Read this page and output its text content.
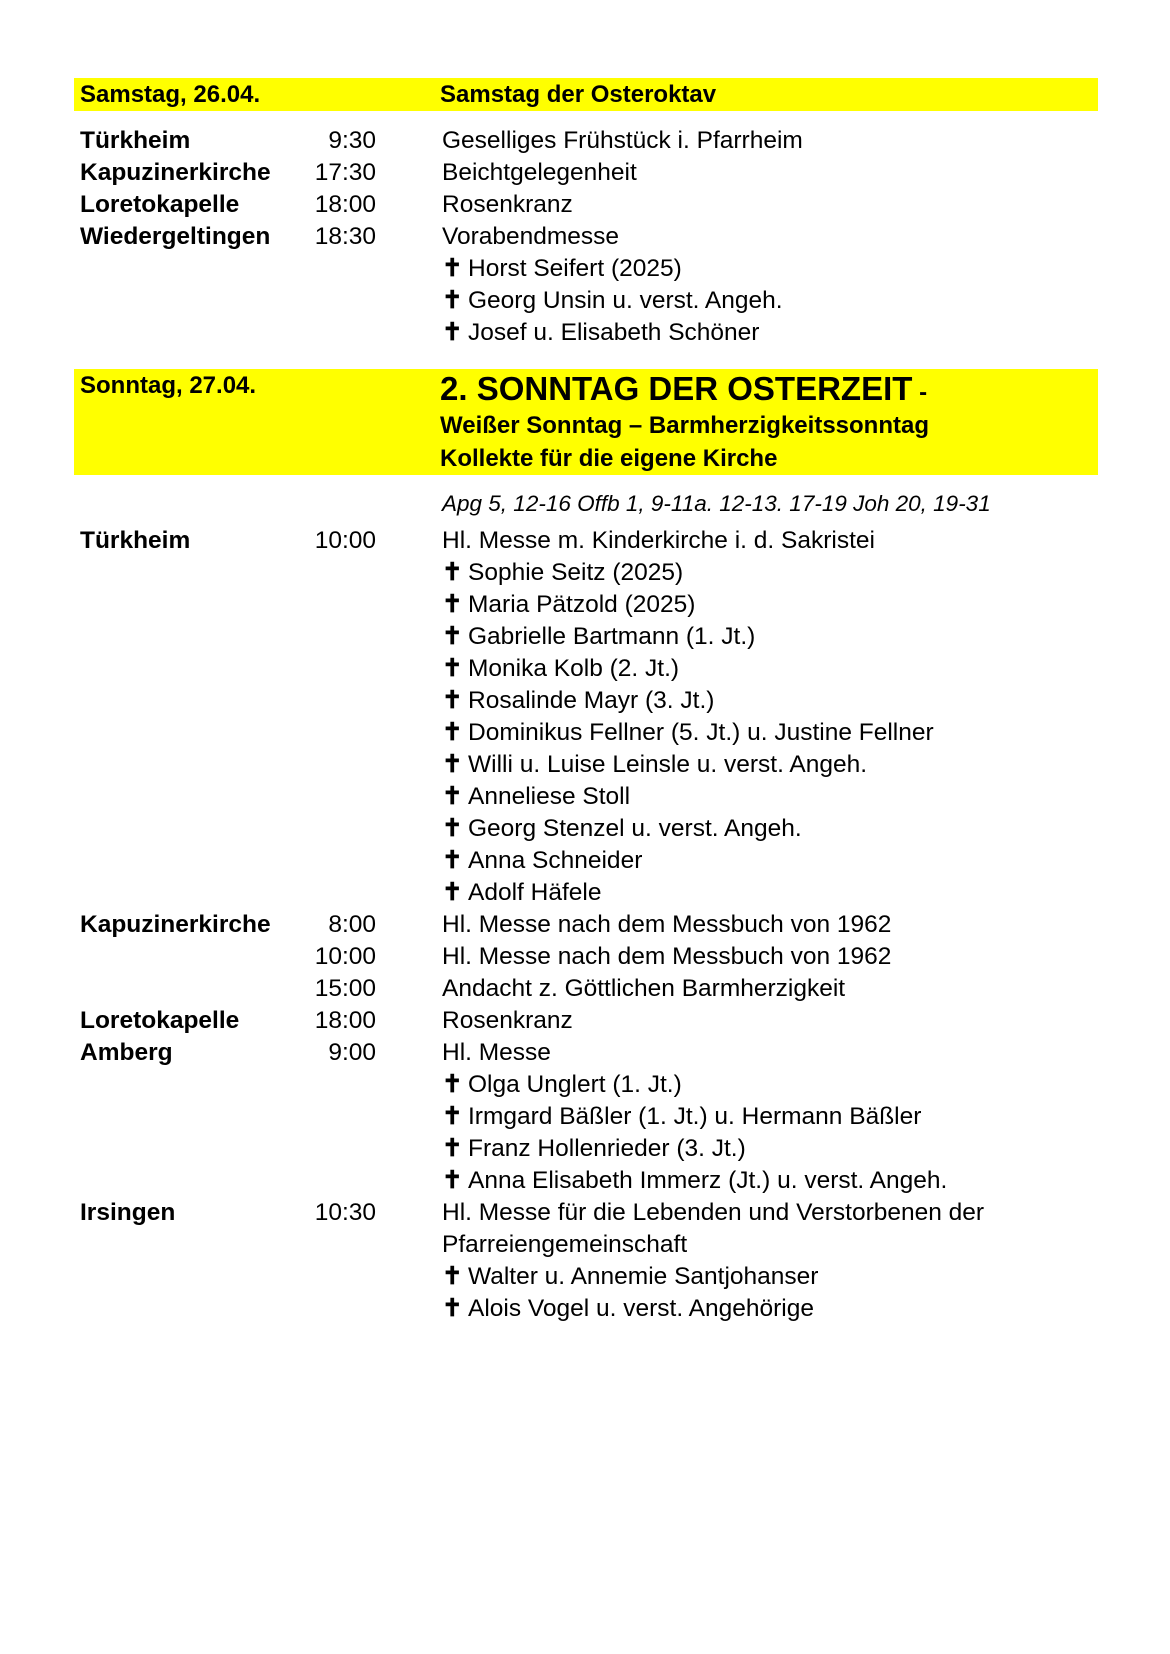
Samstag, 26.04.	Samstag der Osteroktav
Türkheim	9:30	Geselliges Frühstück i. Pfarrheim
Kapuzinerkirche	17:30	Beichtgelegenheit
Loretokapelle	18:00	Rosenkranz
Wiedergeltingen	18:30	Vorabendmesse
✝ Horst Seifert (2025)
✝ Georg Unsin u. verst. Angeh.
✝ Josef u. Elisabeth Schöner
Sonntag, 27.04.	2. SONNTAG DER OSTERZEIT -
Weißer Sonntag – Barmherzigkeitssonntag
Kollekte für die eigene Kirche
Apg 5, 12-16 Offb 1, 9-11a. 12-13. 17-19 Joh 20, 19-31
Türkheim	10:00	Hl. Messe m. Kinderkirche i. d. Sakristei
✝ Sophie Seitz (2025)
✝ Maria Pätzold (2025)
✝ Gabrielle Bartmann (1. Jt.)
✝ Monika Kolb (2. Jt.)
✝ Rosalinde Mayr (3. Jt.)
✝ Dominikus Fellner (5. Jt.) u. Justine Fellner
✝ Willi u. Luise Leinsle u. verst. Angeh.
✝ Anneliese Stoll
✝ Georg Stenzel u. verst. Angeh.
✝ Anna Schneider
✝ Adolf Häfele
Kapuzinerkirche	8:00	Hl. Messe nach dem Messbuch von 1962
10:00	Hl. Messe nach dem Messbuch von 1962
15:00	Andacht z. Göttlichen Barmherzigkeit
Loretokapelle	18:00	Rosenkranz
Amberg	9:00	Hl. Messe
✝ Olga Unglert (1. Jt.)
✝ Irmgard Bäßler (1. Jt.) u. Hermann Bäßler
✝ Franz Hollenrieder (3. Jt.)
✝ Anna Elisabeth Immerz (Jt.) u. verst. Angeh.
Irsingen	10:30	Hl. Messe für die Lebenden und Verstorbenen der
Pfarreiengemeinschaft
✝ Walter u. Annemie Santjohanser
✝ Alois Vogel u. verst. Angehörige
